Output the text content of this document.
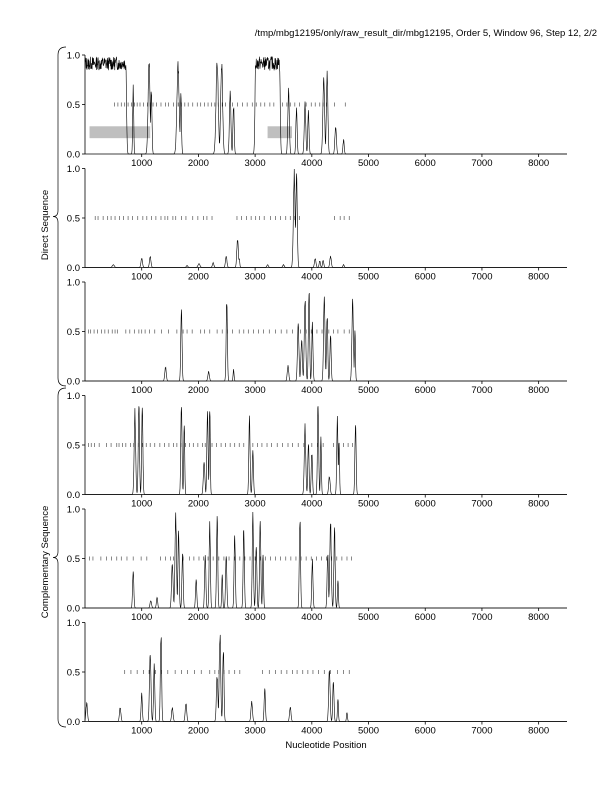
/tmp/mbg12195/only/raw_result_dir/mbg12195, Order 5, Window 96, Step 12, 2/2
0.0
0.5
1.0
1000	2000	3000	4000	5000	6000	7000	8000
0.0
0.5
1.0
1000	2000	3000	4000	5000	6000	7000	8000
0.0
0.5
1.0
1000	2000	3000	4000	5000	6000	7000	8000
0.0
0.5
1.0
1000	2000	3000	4000	5000	6000	7000	8000
0.0
0.5
1.0
1000	2000	3000	4000	5000	6000	7000	8000
0.0
0.5
1.0
1000	2000	3000	4000	5000	6000	7000	8000
Direct Sequence
Complementary Sequence
Nucleotide Position
